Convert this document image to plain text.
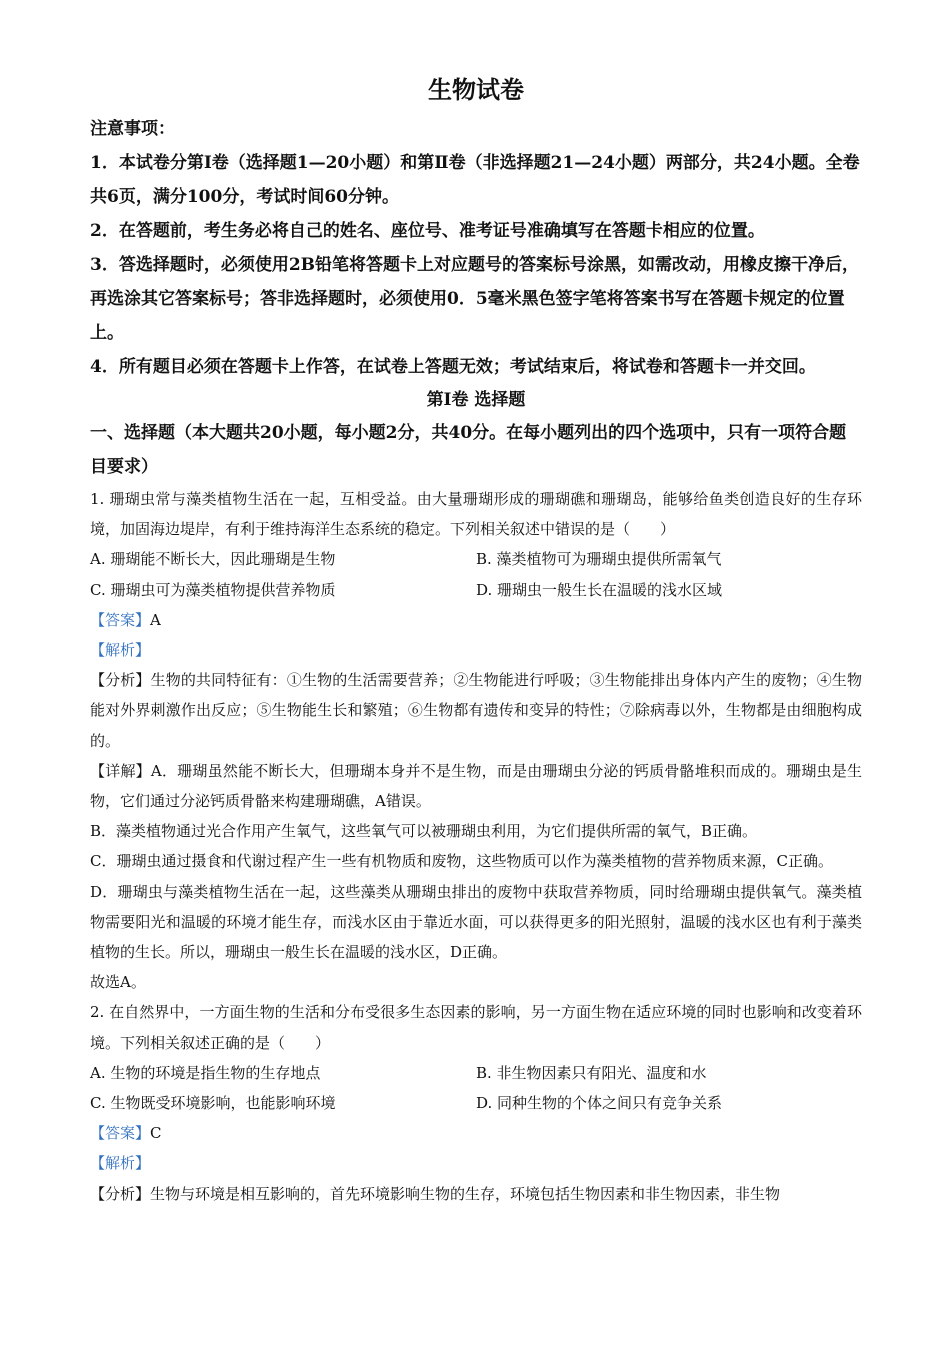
生物试卷

注意事项：

1．本试卷分第Ⅰ卷（选择题1—20小题）和第Ⅱ卷（非选择题21—24小题）两部分，共24小题。全卷共6页，满分100分，考试时间60分钟。

2．在答题前，考生务必将自己的姓名、座位号、准考证号准确填写在答题卡相应的位置。

3．答选择题时，必须使用2B铅笔将答题卡上对应题号的答案标号涂黑，如需改动，用橡皮擦干净后，再选涂其它答案标号；答非选择题时，必须使用0．5毫米黑色签字笔将答案书写在答题卡规定的位置上。

4．所有题目必须在答题卡上作答，在试卷上答题无效；考试结束后，将试卷和答题卡一并交回。

第Ⅰ卷 选择题

一、选择题（本大题共20小题，每小题2分，共40分。在每小题列出的四个选项中，只有一项符合题目要求）

1. 珊瑚虫常与藻类植物生活在一起，互相受益。由大量珊瑚形成的珊瑚礁和珊瑚岛，能够给鱼类创造良好的生存环境，加固海边堤岸，有利于维持海洋生态系统的稳定。下列相关叙述中错误的是（　　）

A. 珊瑚能不断长大，因此珊瑚是生物	B. 藻类植物可为珊瑚虫提供所需氧气
C. 珊瑚虫可为藻类植物提供营养物质	D. 珊瑚虫一般生长在温暖的浅水区域

【答案】A

【解析】

【分析】生物的共同特征有：①生物的生活需要营养；②生物能进行呼吸；③生物能排出身体内产生的废物；④生物能对外界刺激作出反应；⑤生物能生长和繁殖；⑥生物都有遗传和变异的特性；⑦除病毒以外，生物都是由细胞构成的。

【详解】A．珊瑚虽然能不断长大，但珊瑚本身并不是生物，而是由珊瑚虫分泌的钙质骨骼堆积而成的。珊瑚虫是生物，它们通过分泌钙质骨骼来构建珊瑚礁，A错误。

B．藻类植物通过光合作用产生氧气，这些氧气可以被珊瑚虫利用，为它们提供所需的氧气，B正确。

C．珊瑚虫通过摄食和代谢过程产生一些有机物质和废物，这些物质可以作为藻类植物的营养物质来源，C正确。

D．珊瑚虫与藻类植物生活在一起，这些藻类从珊瑚虫排出的废物中获取营养物质，同时给珊瑚虫提供氧气。藻类植物需要阳光和温暖的环境才能生存，而浅水区由于靠近水面，可以获得更多的阳光照射，温暖的浅水区也有利于藻类植物的生长。所以，珊瑚虫一般生长在温暖的浅水区，D正确。

故选A。

2. 在自然界中，一方面生物的生活和分布受很多生态因素的影响，另一方面生物在适应环境的同时也影响和改变着环境。下列相关叙述正确的是（　　）

A. 生物的环境是指生物的生存地点	B. 非生物因素只有阳光、温度和水
C. 生物既受环境影响，也能影响环境	D. 同种生物的个体之间只有竞争关系

【答案】C

【解析】

【分析】生物与环境是相互影响的，首先环境影响生物的生存，环境包括生物因素和非生物因素，非生物
